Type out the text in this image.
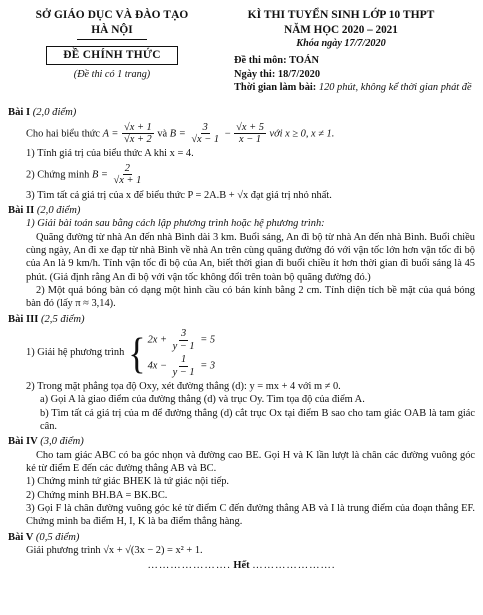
SỞ GIÁO DỤC VÀ ĐÀO TẠO
HÀ NỘI
ĐỀ CHÍNH THỨC
(Đề thi có 1 trang)
KÌ THI TUYỂN SINH LỚP 10 THPT
NĂM HỌC 2020 – 2021
Khóa ngày 17/7/2020
Đề thi môn: TOÁN
Ngày thi: 18/7/2020
Thời gian làm bài: 120 phút, không kể thời gian phát đề
Bài I (2,0 điểm)
Cho hai biểu thức $A = \frac{√x + 1}{√x + 2}$ và $B = \frac{3}{√x - 1} - \frac{√x + 5}{x - 1}$ với x ≥ 0, x ≠ 1.
1) Tính giá trị của biểu thức A khi x = 4.
2) Chứng minh $B = \frac{2}{√x + 1}$
3) Tìm tất cả giá trị của x để biểu thức P = 2A.B + √x đạt giá trị nhỏ nhất.
Bài II (2,0 điểm)
1) Giải bài toán sau bằng cách lập phương trình hoặc hệ phương trình:
Quãng đường từ nhà An đến nhà Bình dài 3 km. Buổi sáng, An đi bộ từ nhà An đến nhà Bình. Buổi chiều cùng ngày, An đi xe đạp từ nhà Bình về nhà An trên cùng quãng đường đó với vận tốc lớn hơn vận tốc đi bộ của An là 9 km/h. Tính vận tốc đi bộ của An, biết thời gian đi buổi chiều ít hơn thời gian đi buổi sáng là 45 phút. (Giả định rằng An đi bộ với vận tốc không đổi trên toàn bộ quãng đường đó.)
2) Một quả bóng bàn có dạng một hình cầu có bán kính bằng 2 cm. Tính diện tích bề mặt của quả bóng bàn đó (lấy π ≈ 3,14).
Bài III (2,5 điểm)
1) Giải hệ phương trình { $2x + \frac{3}{y - 1} = 5$
$4x - \frac{1}{y - 1} = 3$
2) Trong mặt phẳng tọa độ Oxy, xét đường thẳng (d): y = mx + 4 với m ≠ 0.
a) Gọi A là giao điểm của đường thẳng (d) và trục Oy. Tìm tọa độ của điểm A.
b) Tìm tất cả giá trị của m để đường thẳng (d) cắt trục Ox tại điểm B sao cho tam giác OAB là tam giác cân.
Bài IV (3,0 điểm)
Cho tam giác ABC có ba góc nhọn và đường cao BE. Gọi H và K lần lượt là chân các đường vuông góc kẻ từ điểm E đến các đường thẳng AB và BC.
1) Chứng minh tứ giác BHEK là tứ giác nội tiếp.
2) Chứng minh BH.BA = BK.BC.
3) Gọi F là chân đường vuông góc kẻ từ điểm C đến đường thẳng AB và I là trung điểm của đoạn thẳng EF. Chứng minh ba điểm H, I, K là ba điểm thẳng hàng.
Bài V (0,5 điểm)
Giải phương trình √x + √(3x − 2) = x² + 1.
…………………. Hết ………………….
